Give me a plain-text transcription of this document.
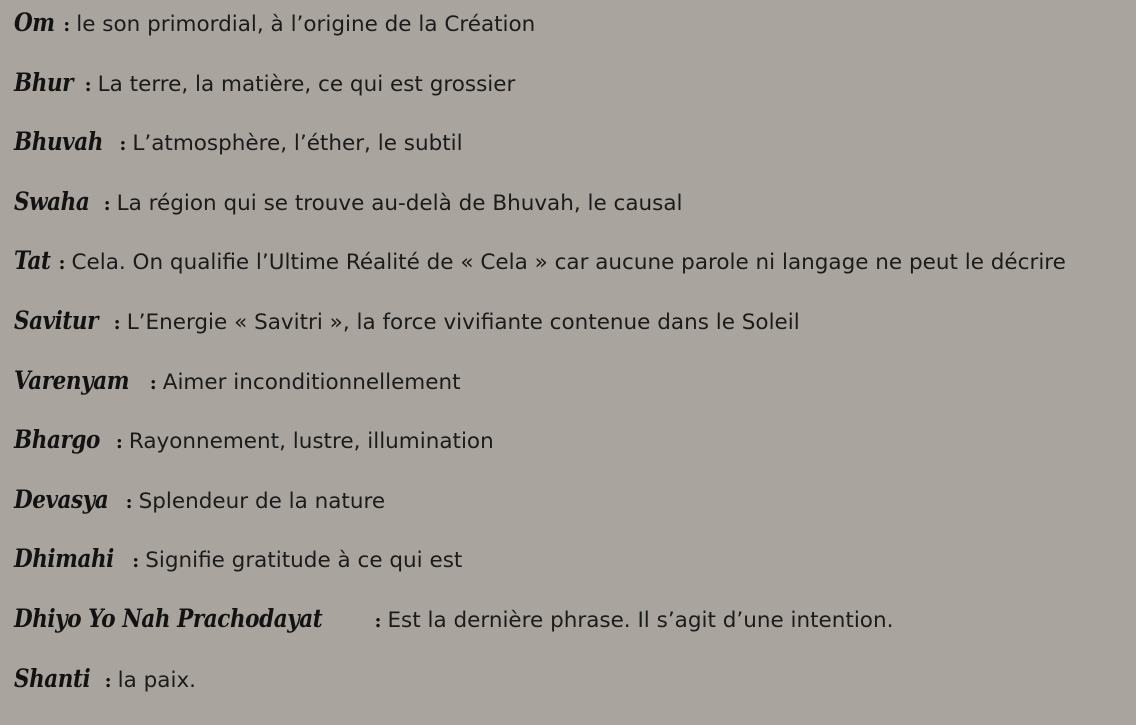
Om : le son primordial, à l’origine de la Création
Bhur : La terre, la matière, ce qui est grossier
Bhuvah : L’atmosphère, l’éther, le subtil
Swaha : La région qui se trouve au-delà de Bhuvah, le causal
Tat : Cela. On qualifie l’Ultime Réalité de « Cela » car aucune parole ni langage ne peut le décrire
Savitur : L’Energie « Savitri », la force vivifiante contenue dans le Soleil
Varenyam : Aimer inconditionnellement
Bhargo : Rayonnement, lustre, illumination
Devasya : Splendeur de la nature
Dhimahi : Signifie gratitude à ce qui est
Dhiyo Yo Nah Prachodayat	: Est la dernière phrase. Il s’agit d’une intention.
Shanti : la paix.
